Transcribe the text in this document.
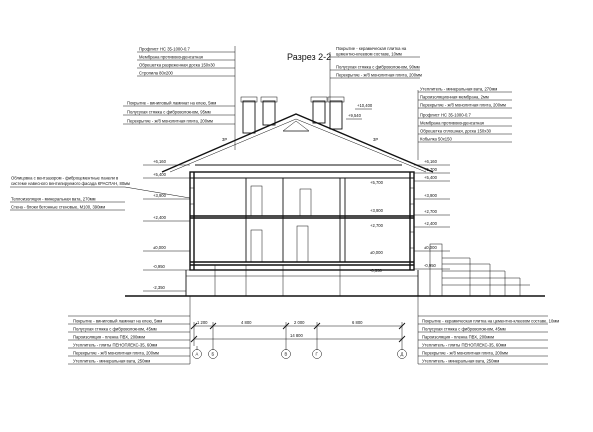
Разрез 2-2
Профлист НС 35-1000-0.7
Мембрана противоконденсатная
Обрешетка разреженная доска 150х30
Стропила 80х200
Покрытие - керамическая плитка на
цементно-клеевом составе, 10мм
Полусухая стяжка с фиброволокном, 90мм
Перекрытие - ж/б монолитная плита, 200мм
Покрытие - виниловый ламинат на клею, 5мм
Полусухая стяжка с фиброволокном, 95мм
Перекрытие - ж/б монолитная плита, 200мм
Утеплитель - минеральная вата, 270мм
Пароизоляционная мембрана, 2мм
Перекрытие - ж/б монолитная плита, 200мм
Профлист НС 35-1000-0.7
Мембрана противоконденсатная
Обрешетка сплошная, доска 150х30
Кобылка 50х150
Облицовка с вентзазором - фиброцементные панели в
системе навесного вентилируемого фасада КРАСПАН, 80мм
Теплоизоляция - минеральная вата, 270мм
Стена - блоки бетонные стеновые, М100, 390мм
+6,160
+5,400
+3,900
+2,400
±0,000
-0,950
-2,350
+10,400
+9,540
+5,700
+3,900
+2,700
±0,000
-0,550
3Р	3Р
+6,160
+5,700
+5,400
+3,900
+2,700
+2,400
±0,000
-0,950
Покрытие - виниловый ламинат на клею, 5мм
Полусухая стяжка с фиброволокном, 45мм
Пароизоляция - пленка ПВХ, 200мкм
Утеплитель - плиты ПЕНОПЛЕКС-35, 60мм
Перекрытие - ж/б монолитная плита, 200мм
Утеплитель - минеральная вата, 250мм
Покрытие - керамическая плитка на цементно-клеевом составе, 10мм
Полусухая стяжка с фиброволокном, 45мм
Пароизоляция - пленка ПВХ, 200мкм
Утеплитель - плиты ПЕНОПЛЕКС-35, 60мм
Перекрытие - ж/б монолитная плита, 200мм
Утеплитель - минеральная вата, 250мм
1 200	4 800	2 000	6 800
14 800
А	Б	В	Г	Д
